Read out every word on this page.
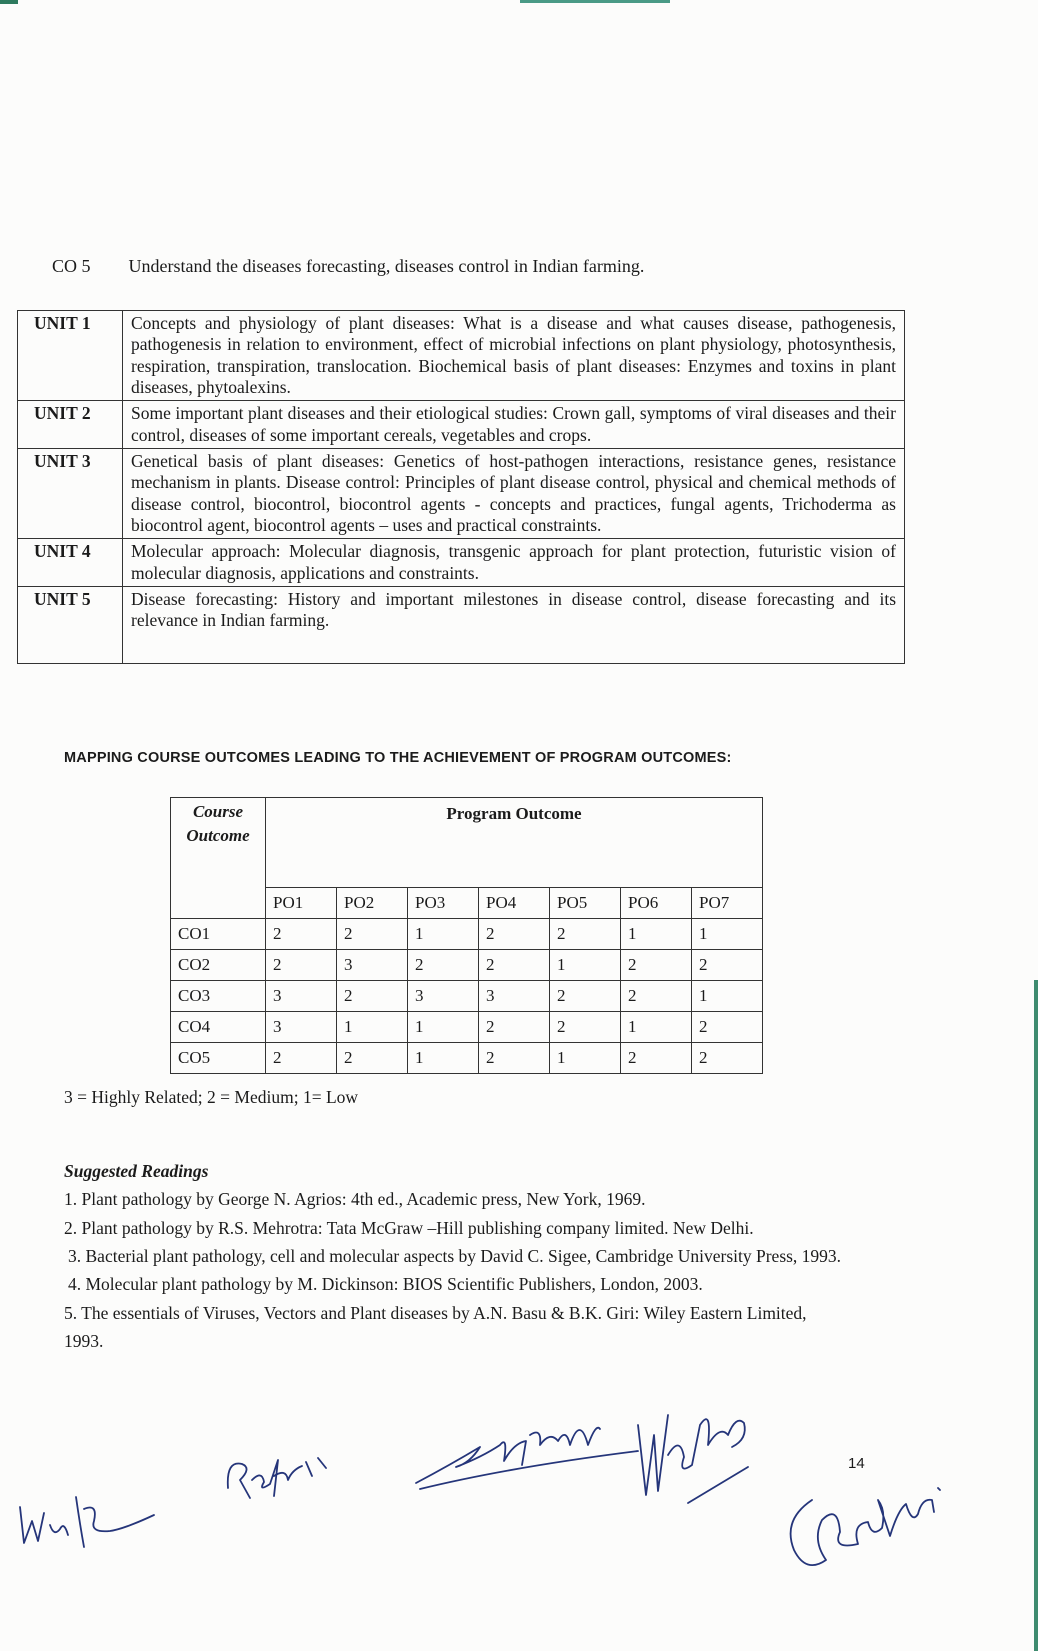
CO 5 Understand the diseases forecasting, diseases control in Indian farming.
UNIT 1	Concepts and physiology of plant diseases: What is a disease and what causes disease, pathogenesis, pathogenesis in relation to environment, effect of microbial infections on plant physiology, photosynthesis, respiration, transpiration, translocation. Biochemical basis of plant diseases: Enzymes and toxins in plant diseases, phytoalexins.
UNIT 2	Some important plant diseases and their etiological studies: Crown gall, symptoms of viral diseases and their control, diseases of some important cereals, vegetables and crops.
UNIT 3	Genetical basis of plant diseases: Genetics of host-pathogen interactions, resistance genes, resistance mechanism in plants. Disease control: Principles of plant disease control, physical and chemical methods of disease control, biocontrol, biocontrol agents - concepts and practices, fungal agents, Trichoderma as biocontrol agent, biocontrol agents – uses and practical constraints.
UNIT 4	Molecular approach: Molecular diagnosis, transgenic approach for plant protection, futuristic vision of molecular diagnosis, applications and constraints.
UNIT 5	Disease forecasting: History and important milestones in disease control, disease forecasting and its relevance in Indian farming.
MAPPING COURSE OUTCOMES LEADING TO THE ACHIEVEMENT OF PROGRAM OUTCOMES:
Course Outcome	Program Outcome						
	PO1	PO2	PO3	PO4	PO5	PO6	PO7
CO1	2	2	1	2	2	1	1
CO2	2	3	2	2	1	2	2
CO3	3	2	3	3	2	2	1
CO4	3	1	1	2	2	1	2
CO5	2	2	1	2	1	2	2
3 = Highly Related; 2 = Medium; 1= Low
Suggested Readings
1. Plant pathology by George N. Agrios: 4th ed., Academic press, New York, 1969.
2. Plant pathology by R.S. Mehrotra: Tata McGraw –Hill publishing company limited. New Delhi.
3. Bacterial plant pathology, cell and molecular aspects by David C. Sigee, Cambridge University Press, 1993.
4. Molecular plant pathology by M. Dickinson: BIOS Scientific Publishers, London, 2003.
5. The essentials of Viruses, Vectors and Plant diseases by A.N. Basu & B.K. Giri: Wiley Eastern Limited, 1993.
14
